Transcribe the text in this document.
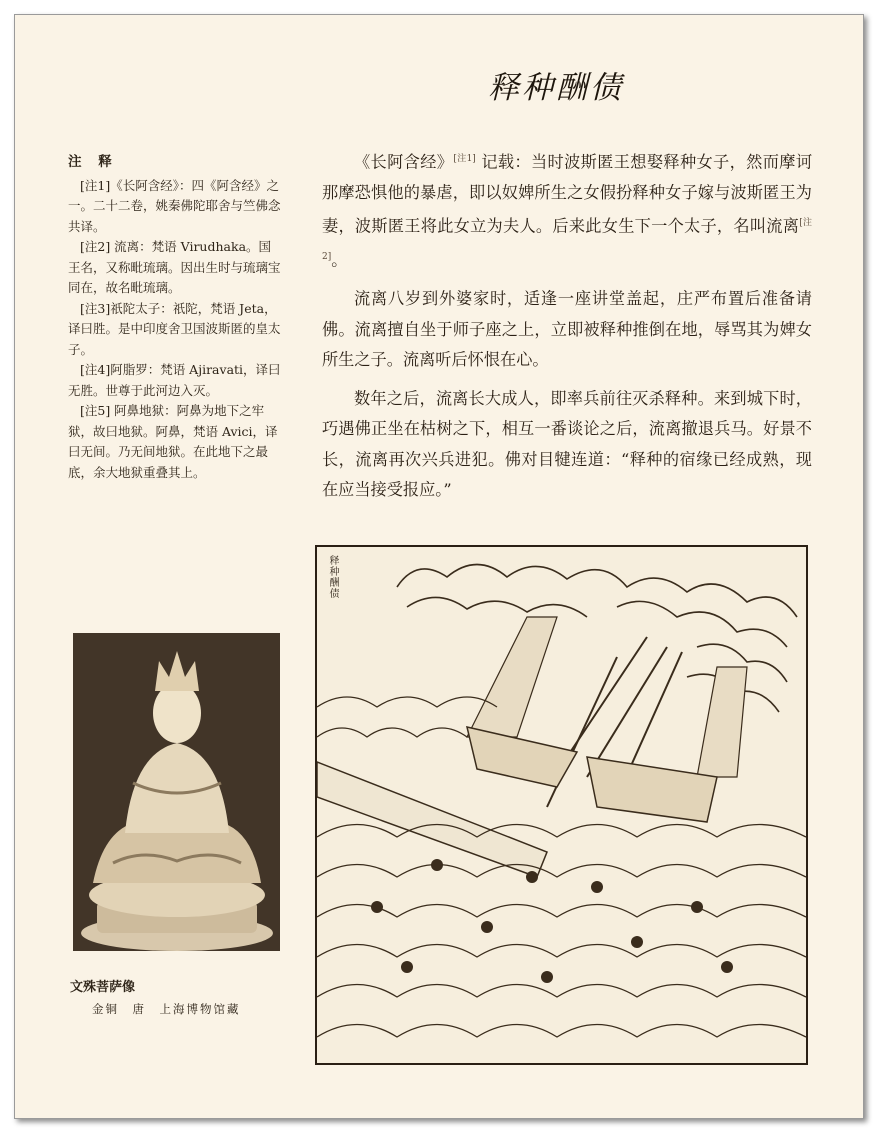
释种酬债
注 释

[注1]《长阿含经》：四《阿含经》之一。二十二卷，姚秦佛陀耶舍与竺佛念共译。

[注2] 流离：梵语 Virudhaka。国王名，又称毗琉璃。因出生时与琉璃宝同在，故名毗琉璃。

[注3]祇陀太子：祇陀，梵语 Jeta，译曰胜。是中印度舍卫国波斯匿的皇太子。

[注4]阿脂罗：梵语 Ajiravati，译曰无胜。世尊于此河边入灭。

[注5] 阿鼻地狱：阿鼻为地下之牢狱，故曰地狱。阿鼻，梵语 Avici，译曰无间。乃无间地狱。在此地下之最底，余大地狱重叠其上。

《长阿含经》[注1] 记载：当时波斯匿王想娶释种女子，然而摩诃那摩恐惧他的暴虐，即以奴婢所生之女假扮释种女子嫁与波斯匿王为妻，波斯匿王将此女立为夫人。后来此女生下一个太子，名叫流离[注2]。

流离八岁到外婆家时，适逢一座讲堂盖起，庄严布置后准备请佛。流离擅自坐于师子座之上，立即被释种推倒在地，辱骂其为婢女所生之子。流离听后怀恨在心。

数年之后，流离长大成人，即率兵前往灭杀释种。来到城下时，巧遇佛正坐在枯树之下，相互一番谈论之后，流离撤退兵马。好景不长，流离再次兴兵进犯。佛对目犍连道：“释种的宿缘已经成熟，现在应当接受报应。”

文殊菩萨像
金铜　唐　上海博物馆藏
释种酬债
